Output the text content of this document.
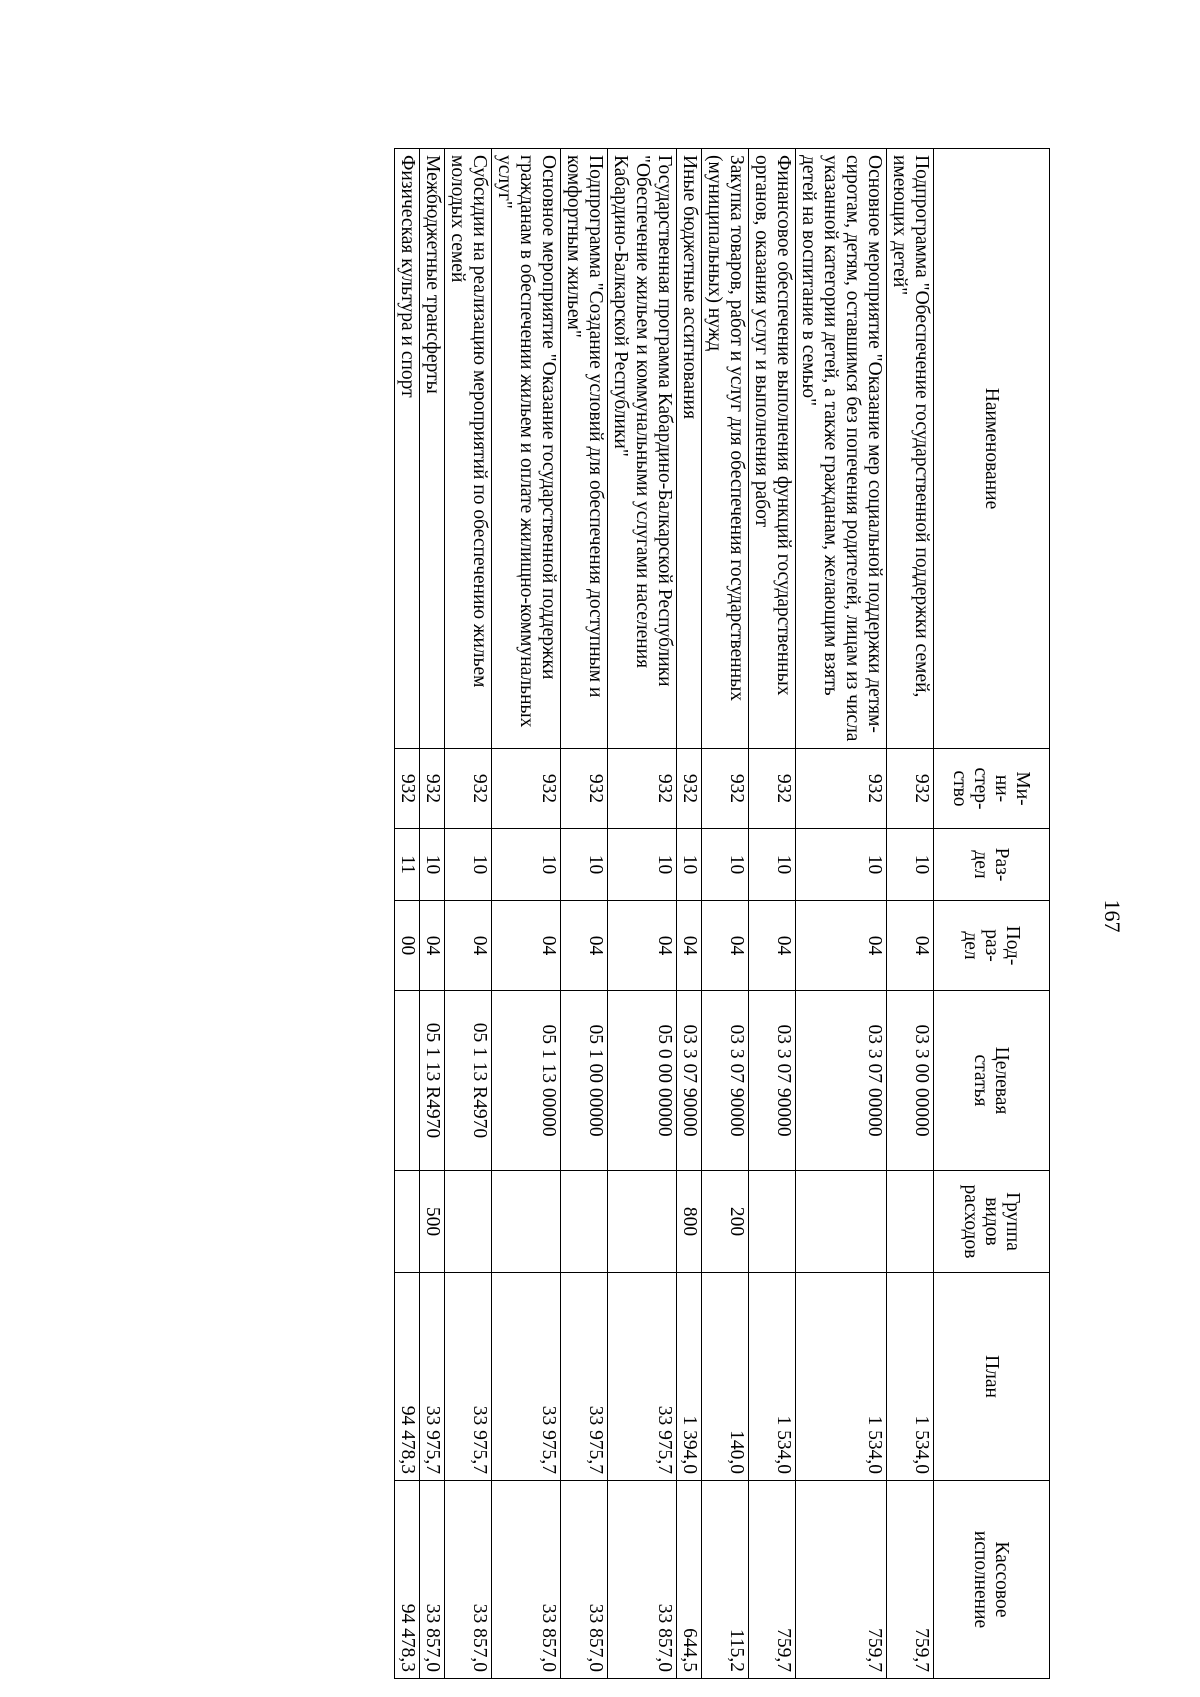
167
Наименование	Ми-
ни-
стер-
ство	Раз-
дел	Под-
раз-
дел	Целевая
статья	Группа
видов
расходов	План	Кассовое
исполнение
Подпрограмма "Обеспечение государственной поддержки семей, имеющих детей"	932	10	04	03 3 00 00000		1 534,0	759,7
Основное мероприятие "Оказание мер социальной поддержки детям-сиротам, детям, оставшимся без попечения родителей, лицам из числа указанной категории детей, а также гражданам, желающим взять детей на воспитание в семью"	932	10	04	03 3 07 00000		1 534,0	759,7
Финансовое обеспечение выполнения функций государственных органов, оказания услуг и выполнения работ	932	10	04	03 3 07 90000		1 534,0	759,7
Закупка товаров, работ и услуг для обеспечения государственных (муниципальных) нужд	932	10	04	03 3 07 90000	200	140,0	115,2
Иные бюджетные ассигнования	932	10	04	03 3 07 90000	800	1 394,0	644,5
Государственная программа Кабардино-Балкарской Республики "Обеспечение жильем и коммунальными услугами населения Кабардино-Балкарской Республики"	932	10	04	05 0 00 00000		33 975,7	33 857,0
Подпрограмма "Создание условий для обеспечения доступным и комфортным жильем"	932	10	04	05 1 00 00000		33 975,7	33 857,0
Основное мероприятие "Оказание государственной поддержки гражданам в обеспечении жильем и оплате жилищно-коммунальных услуг"	932	10	04	05 1 13 00000		33 975,7	33 857,0
Субсидии на реализацию мероприятий по обеспечению жильем молодых семей	932	10	04	05 1 13 R4970		33 975,7	33 857,0
Межбюджетные трансферты	932	10	04	05 1 13 R4970	500	33 975,7	33 857,0
Физическая культура и спорт	932	11	00			94 478,3	94 478,3
